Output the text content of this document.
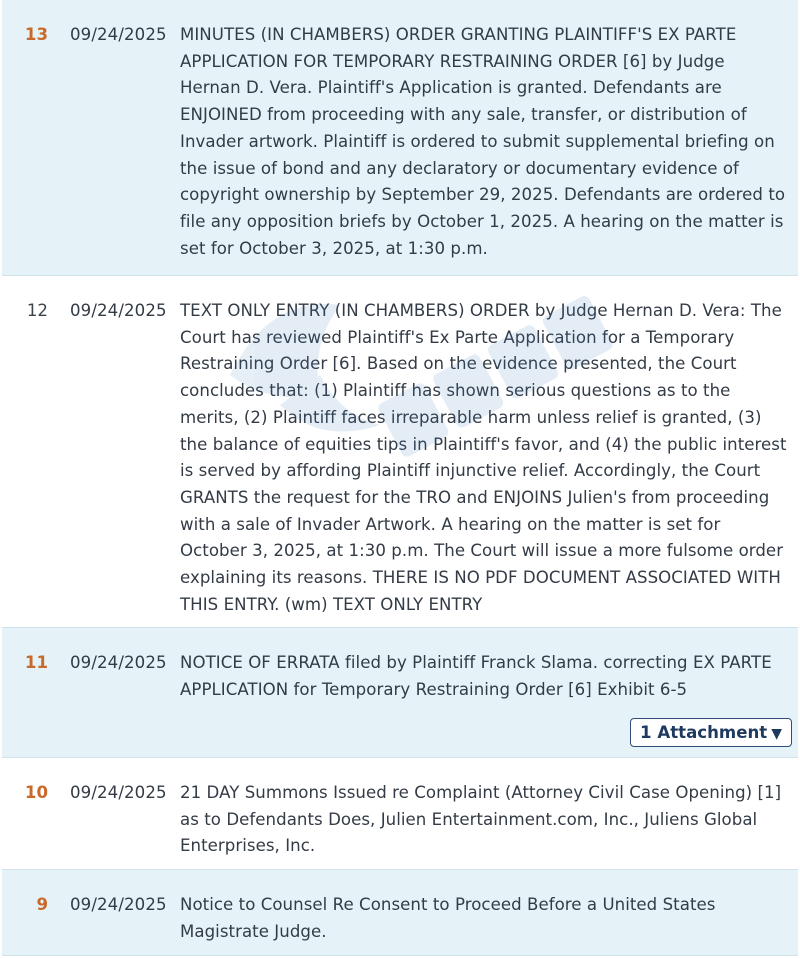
13 09/24/2025 MINUTES (IN CHAMBERS) ORDER GRANTING PLAINTIFF'S EX PARTE APPLICATION FOR TEMPORARY RESTRAINING ORDER [6] by Judge Hernan D. Vera. Plaintiff's Application is granted. Defendants are ENJOINED from proceeding with any sale, transfer, or distribution of Invader artwork. Plaintiff is ordered to submit supplemental briefing on the issue of bond and any declaratory or documentary evidence of copyright ownership by September 29, 2025. Defendants are ordered to file any opposition briefs by October 1, 2025. A hearing on the matter is set for October 3, 2025, at 1:30 p.m.
12 09/24/2025 TEXT ONLY ENTRY (IN CHAMBERS) ORDER by Judge Hernan D. Vera: The Court has reviewed Plaintiff's Ex Parte Application for a Temporary Restraining Order [6]. Based on the evidence presented, the Court concludes that: (1) Plaintiff has shown serious questions as to the merits, (2) Plaintiff faces irreparable harm unless relief is granted, (3) the balance of equities tips in Plaintiff's favor, and (4) the public interest is served by affording Plaintiff injunctive relief. Accordingly, the Court GRANTS the request for the TRO and ENJOINS Julien's from proceeding with a sale of Invader Artwork. A hearing on the matter is set for October 3, 2025, at 1:30 p.m. The Court will issue a more fulsome order explaining its reasons. THERE IS NO PDF DOCUMENT ASSOCIATED WITH THIS ENTRY. (wm) TEXT ONLY ENTRY
11 09/24/2025 NOTICE OF ERRATA filed by Plaintiff Franck Slama. correcting EX PARTE APPLICATION for Temporary Restraining Order [6] Exhibit 6-5
1 Attachment ▼
10 09/24/2025 21 DAY Summons Issued re Complaint (Attorney Civil Case Opening) [1] as to Defendants Does, Julien Entertainment.com, Inc., Juliens Global Enterprises, Inc.
9 09/24/2025 Notice to Counsel Re Consent to Proceed Before a United States Magistrate Judge.
